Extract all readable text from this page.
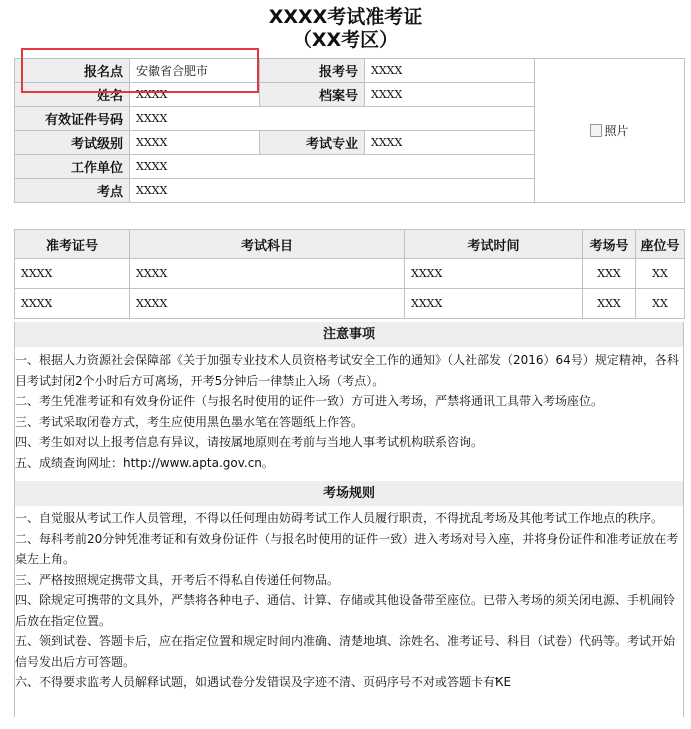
XXXX考试准考证
（XX考区）
报名点	安徽省合肥市	报考号	XXXX	照片
姓名	XXXX	档案号	XXXX	
有效证件号码	XXXX			
考试级别	XXXX	考试专业	XXXX	
工作单位	XXXX			
考点	XXXX			
准考证号	考试科目	考试时间	考场号	座位号
XXXX	XXXX	XXXX	XXX	XX
XXXX	XXXX	XXXX	XXX	XX
注意事项

一、根据人力资源社会保障部《关于加强专业技术人员资格考试安全工作的通知》（人社部发（2016）64号）规定精神，各科目考试封闭2个小时后方可离场，开考5分钟后一律禁止入场（考点）。

二、考生凭准考证和有效身份证件（与报名时使用的证件一致）方可进入考场，严禁将通讯工具带入考场座位。

三、考试采取闭卷方式，考生应使用黑色墨水笔在答题纸上作答。

四、考生如对以上报考信息有异议，请按属地原则在考前与当地人事考试机构联系咨询。

五、成绩查询网址：http://www.apta.gov.cn。

考场规则

一、自觉服从考试工作人员管理，不得以任何理由妨碍考试工作人员履行职责，不得扰乱考场及其他考试工作地点的秩序。

二、每科考前20分钟凭准考证和有效身份证件（与报名时使用的证件一致）进入考场对号入座，并将身份证件和准考证放在考桌左上角。

三、严格按照规定携带文具，开考后不得私自传递任何物品。

四、除规定可携带的文具外，严禁将各种电子、通信、计算、存储或其他设备带至座位。已带入考场的须关闭电源、手机闹铃后放在指定位置。

五、领到试卷、答题卡后，应在指定位置和规定时间内准确、清楚地填、涂姓名、准考证号、科目（试卷）代码等。考试开始信号发出后方可答题。

六、不得要求监考人员解释试题，如遇试卷分发错误及字迹不清、页码序号不对或答题卡有ҞE
